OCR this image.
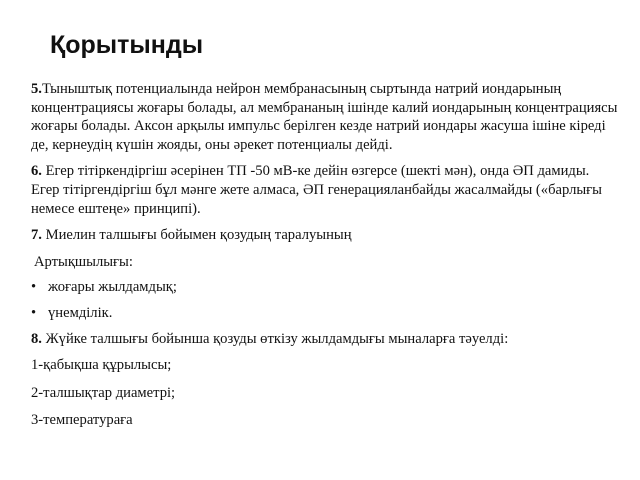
Қорытынды

5.Тыныштық потенциалында нейрон мембранасының сыртында натрий иондарының концентрациясы жоғары болады, ал мембрананың ішінде калий иондарының концентрациясы жоғары болады. Аксон арқылы импульс берілген кезде натрий иондары жасуша ішіне кіреді де, кернеудің күшін жояды, оны әрекет потенциалы дейді.

6. Егер тітіркендіргіш әсерінен ТП -50 мВ-ке дейін өзгерсе (шекті мән), онда ӘП дамиды. Егер тітіргендіргіш бұл мәнге жете алмаса, ӘП генерацияланбайды жасалмайды («барлығы немесе ештеңе» принципі).

7. Миелин талшығы бойымен қозудың таралуының

Артықшылығы:

• жоғары жылдамдық;
• үнемділік.

8. Жүйке талшығы бойынша қозуды өткізу жылдамдығы мыналарға тәуелді:

1-қабықша құрылысы;

2-талшықтар диаметрі;

3-температураға
